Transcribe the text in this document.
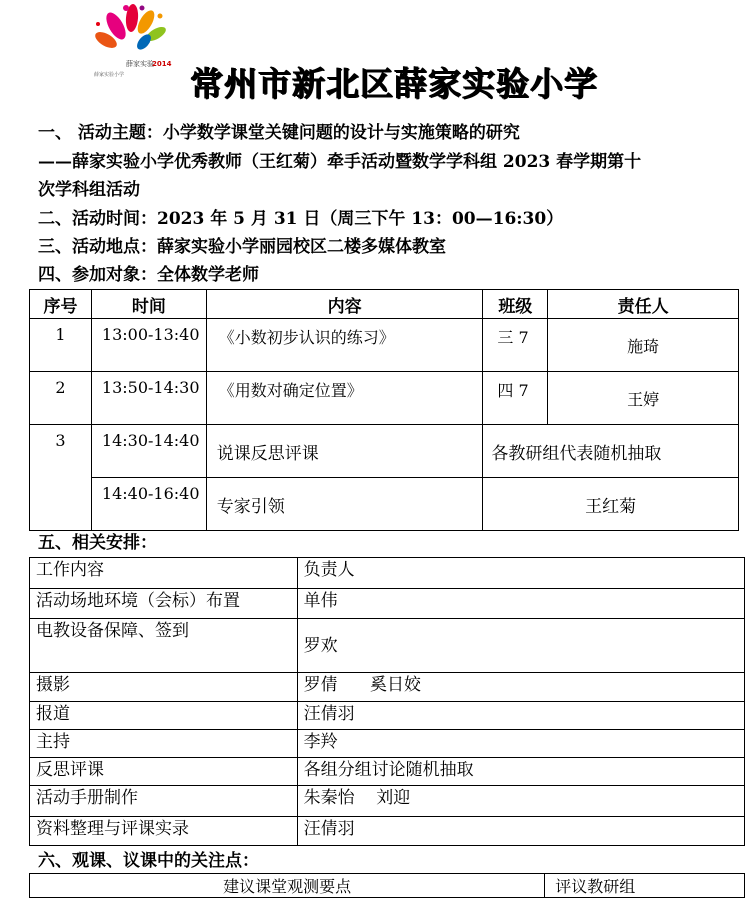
薛家实验
2014
薛家实验小学 常州市新北区薛家实验小学
一、 活动主题：小学数学课堂关键问题的设计与实施策略的研究
——薛家实验小学优秀教师（王红菊）牵手活动暨数学学科组 2023 春学期第十
次学科组活动
二、活动时间：2023 年 5 月 31 日（周三下午 13：00—16:30）
三、活动地点：薛家实验小学丽园校区二楼多媒体教室
四、参加对象：全体数学老师
序号	时间	内容	班级	责任人
1	13:00-13:40	《小数初步认识的练习》	三 7	施琦
2	13:50-14:30	《用数对确定位置》	四 7	王婷
3	14:30-14:40	说课反思评课	各教研组代表随机抽取	
	14:40-16:40	专家引领	王红菊	
五、相关安排：
工作内容	负责人
活动场地环境（会标）布置	单伟
电教设备保障、签到	罗欢
摄影	罗倩      奚日姣
报道	汪倩羽
主持	李羚
反思评课	各组分组讨论随机抽取
活动手册制作	朱秦怡    刘迎
资料整理与评课实录	汪倩羽
六、观课、议课中的关注点：
建议课堂观测要点	评议教研组
